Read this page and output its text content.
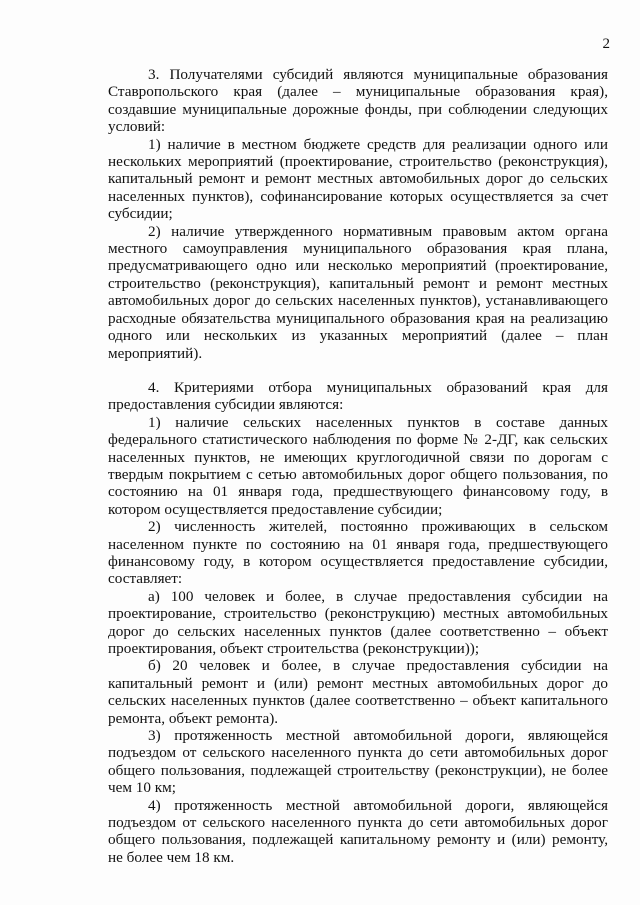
2

3. Получателями субсидий являются муниципальные образования Ставропольского края (далее – муниципальные образования края), создавшие муниципальные дорожные фонды, при соблюдении следующих условий:

1) наличие в местном бюджете средств для реализации одного или нескольких мероприятий (проектирование, строительство (реконструкция), капитальный ремонт и ремонт местных автомобильных дорог до сельских населенных пунктов), софинансирование которых осуществляется за счет субсидии;

2) наличие утвержденного нормативным правовым актом органа местного самоуправления муниципального образования края плана, предусматривающего одно или несколько мероприятий (проектирование, строительство (реконструкция), капитальный ремонт и ремонт местных автомобильных дорог до сельских населенных пунктов), устанавливающего расходные обязательства муниципального образования края на реализацию одного или нескольких из указанных мероприятий (далее – план мероприятий).

4. Критериями отбора муниципальных образований края для предоставления субсидии являются:

1) наличие сельских населенных пунктов в составе данных федерального статистического наблюдения по форме № 2-ДГ, как сельских населенных пунктов, не имеющих круглогодичной связи по дорогам с твердым покрытием с сетью автомобильных дорог общего пользования, по состоянию на 01 января года, предшествующего финансовому году, в котором осуществляется предоставление субсидии;

2) численность жителей, постоянно проживающих в сельском населенном пункте по состоянию на 01 января года, предшествующего финансовому году, в котором осуществляется предоставление субсидии, составляет:

а) 100 человек и более, в случае предоставления субсидии на проектирование, строительство (реконструкцию) местных автомобильных дорог до сельских населенных пунктов (далее соответственно – объект проектирования, объект строительства (реконструкции));

б) 20 человек и более, в случае предоставления субсидии на капитальный ремонт и (или) ремонт местных автомобильных дорог до сельских населенных пунктов (далее соответственно – объект капитального ремонта, объект ремонта).

3) протяженность местной автомобильной дороги, являющейся подъездом от сельского населенного пункта до сети автомобильных дорог общего пользования, подлежащей строительству (реконструкции), не более чем 10 км;

4) протяженность местной автомобильной дороги, являющейся подъездом от сельского населенного пункта до сети автомобильных дорог общего пользования, подлежащей капитальному ремонту и (или) ремонту, не более чем 18 км.
